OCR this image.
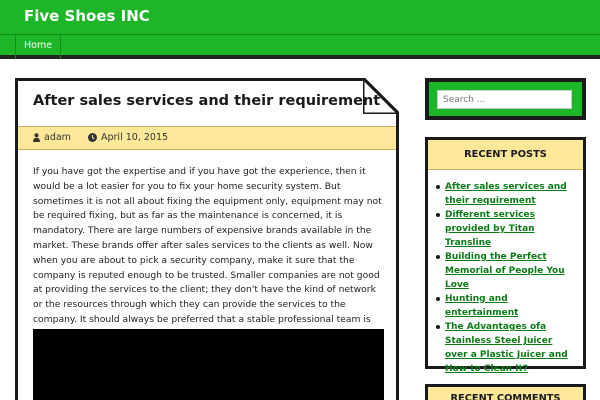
Five Shoes INC
Home
After sales services and their requirement
adam	April 10, 2015

If you have got the expertise and if you have got the experience, then it would be a lot easier for you to fix your home security system. But sometimes it is not all about fixing the equipment only, equipment may not be required fixing, but as far as the maintenance is concerned, it is mandatory. There are large numbers of expensive brands available in the market. These brands offer after sales services to the clients as well. Now when you are about to pick a security company, make it sure that the company is reputed enough to be trusted. Smaller companies are not good at providing the services to the client; they don't have the kind of network or the resources through which they can provide the services to the company. It should always be preferred that a stable professional team is

Search ...
RECENT POSTS
After sales services and their requirement
Different services provided by Titan Transline
Building the Perfect Memorial of People You Love
Hunting and entertainment
The Advantages ofa Stainless Steel Juicer over a Plastic Juicer and How to Clean It?
RECENT COMMENTS
